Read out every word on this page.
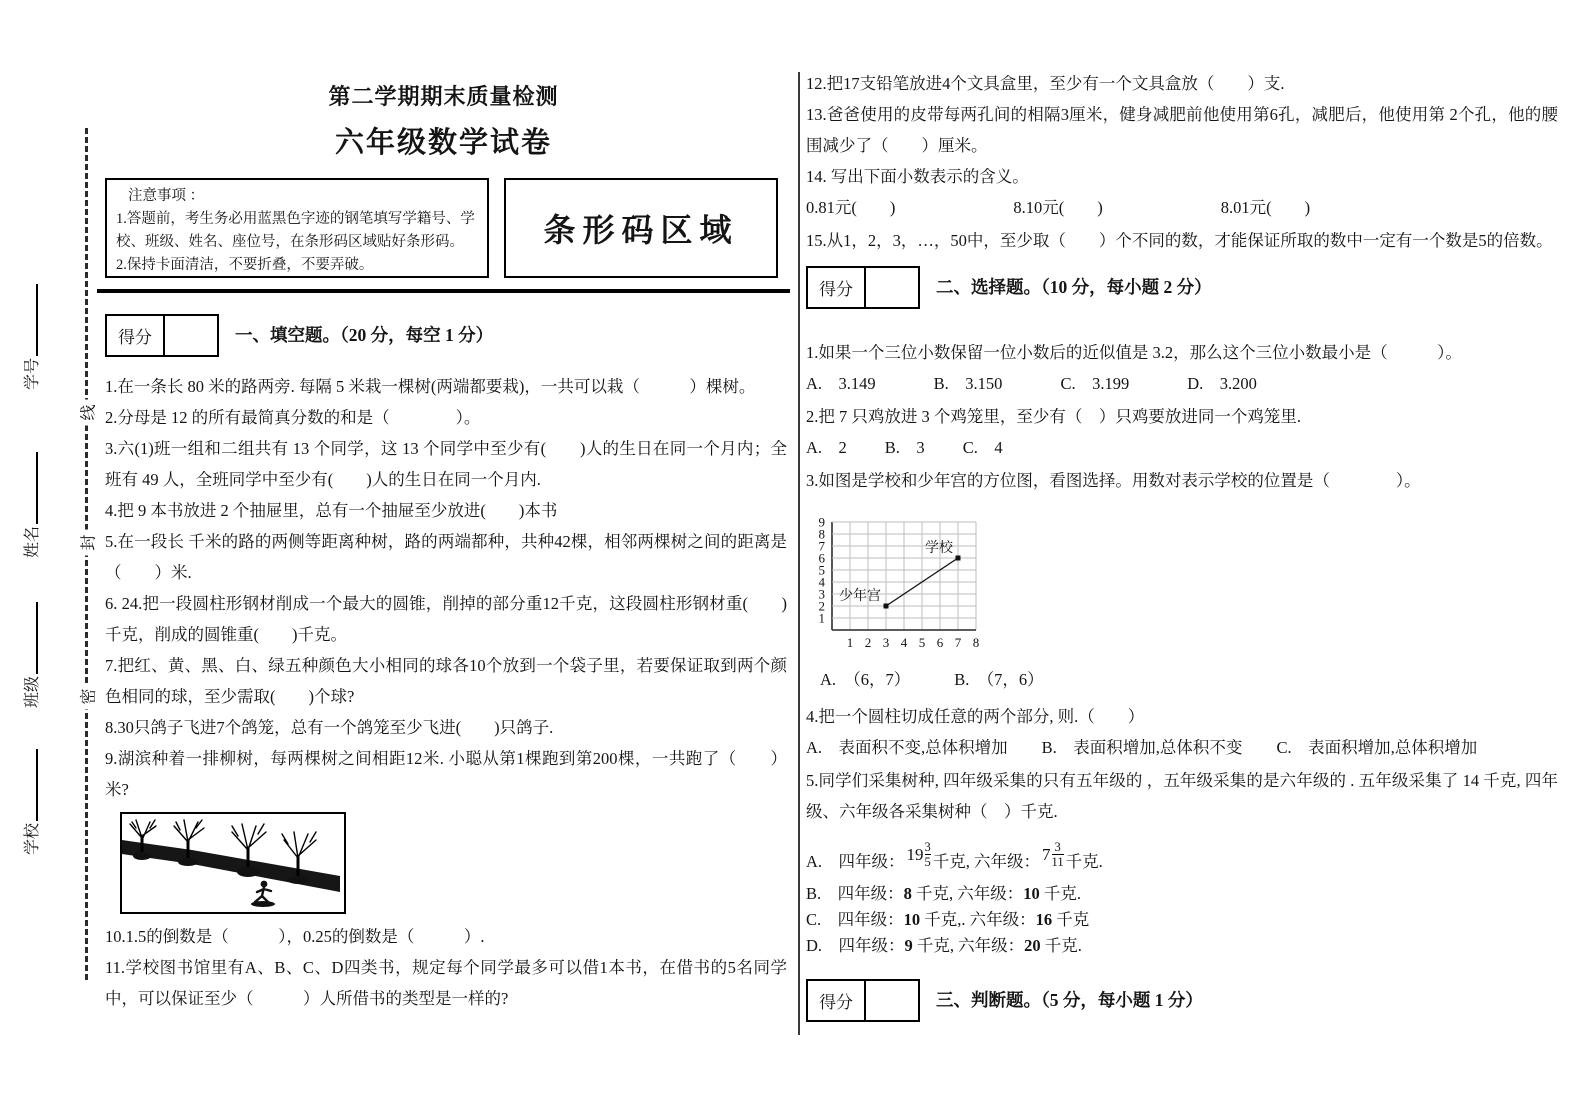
线
封
密
学号
姓名
班级
学校
第二学期期末质量检测
六年级数学试卷
注意事项 ：
1.答题前，考生务必用蓝黑色字迹的钢笔填写学籍号、学校、班级、姓名、座位号，在条形码区域贴好条形码。
2.保持卡面清洁，不要折叠，不要弄破。
条形码区域
得分	一、填空题。（20 分，每空 1 分）

1.在一条长 80 米的路两旁. 每隔 5 米栽一棵树(两端都要栽)，一共可以栽（　　　）棵树。

2.分母是 12 的所有最简真分数的和是（　　　　）。

3.六(1)班一组和二组共有 13 个同学，这 13 个同学中至少有(　　)人的生日在同一个月内；全班有 49 人，全班同学中至少有(　　)人的生日在同一个月内.

4.把 9 本书放进 2 个抽屉里，总有一个抽屉至少放进(　　)本书

5.在一段长 千米的路的两侧等距离种树，路的两端都种，共种42棵，相邻两棵树之间的距离是（　　）米.

6. 24.把一段圆柱形钢材削成一个最大的圆锥，削掉的部分重12千克，这段圆柱形钢材重(　　)千克，削成的圆锥重(　　)千克。

7.把红、黄、黑、白、绿五种颜色大小相同的球各10个放到一个袋子里，若要保证取到两个颜色相同的球，至少需取(　　)个球?

8.30只鸽子飞进7个鸽笼，总有一个鸽笼至少飞进(　　)只鸽子.

9.湖滨种着一排柳树，每两棵树之间相距12米. 小聪从第1棵跑到第200棵，一共跑了（　　）米?

10.1.5的倒数是（　　　），0.25的倒数是（　　　）.

11.学校图书馆里有A、B、C、D四类书，规定每个同学最多可以借1本书，在借书的5名同学中，可以保证至少（　　　）人所借书的类型是一样的?

12.把17支铅笔放进4个文具盒里，至少有一个文具盒放（　　）支.

13.爸爸使用的皮带每两孔间的相隔3厘米，健身减肥前他使用第6孔，减肥后，他使用第 2个孔，他的腰围减少了（　　）厘米。

14. 写出下面小数表示的含义。

0.81元(　　)	8.10元(　　)	8.01元(　　)

15.从1，2，3，…，50中，至少取（　　）个不同的数，才能保证所取的数中一定有一个数是5的倍数。

得分	二、选择题。（10 分，每小题 2 分）

1.如果一个三位小数保留一位小数后的近似值是 3.2，那么这个三位小数最小是（　　　）。

A.　3.149	B.　3.150	C.　3.199	D.　3.200

2.把 7 只鸡放进 3 个鸡笼里，至少有（　）只鸡要放进同一个鸡笼里.

A.　2 B.　3 C.　4

3.如图是学校和少年宫的方位图，看图选择。用数对表示学校的位置是（　　　　）。

1
2
3
4
5
6
7
8
9
1 2 3 4 5 6 7 8
少年宫
学校
A.　（6，7）	B.　（7，6）

4.把一个圆柱切成任意的两个部分, 则.（　　）

A.　表面积不变,总体积增加 B.　表面积增加,总体积不变 C.　表面积增加,总体积增加

5.同学们采集树种, 四年级采集的只有五年级的 ，五年级采集的是六年级的 . 五年级采集了 14 千克, 四年级、六年级各采集树种（　）千克.

A.　四年级： $19 \frac{3}{5}$ 千克, 六年级： $7 \frac{3}{11}$ 千克.

B.　四年级：8 千克, 六年级：10 千克.

C.　四年级：10 千克,. 六年级：16 千克

D.　四年级：9 千克, 六年级：20 千克.

得分	三、判断题。（5 分，每小题 1 分）
